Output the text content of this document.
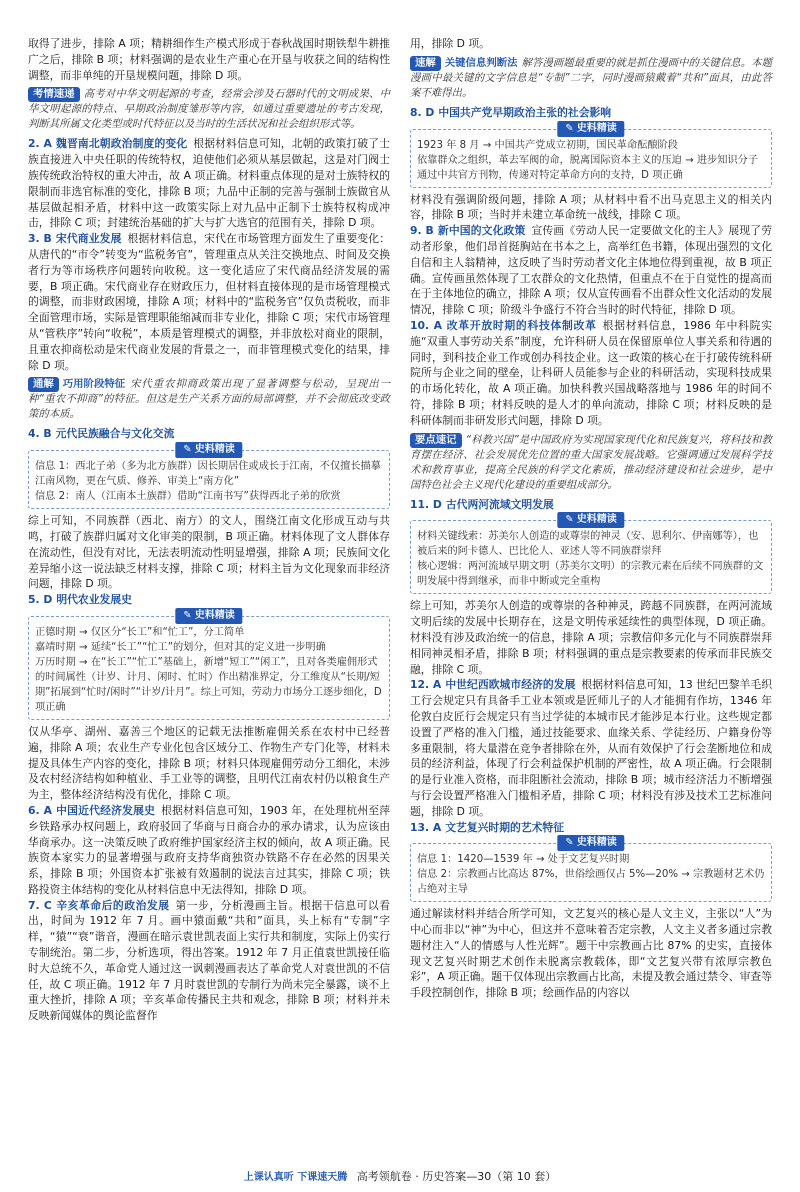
取得了进步，排除 A 项；精耕细作生产模式形成于春秋战国时期铁犁牛耕推广之后，排除 B 项；材料强调的是农业生产重心在开垦与收获之间的结构性调整，而非单纯的开垦规模问题，排除 D 项。

考情速递 高考对中华文明起源的考查，经常会涉及石器时代的文明成果、中华文明起源的特点、早期政治制度雏形等内容，如通过重要遗址的考古发现，判断其所属文化类型或时代特征以及当时的生活状况和社会组织形式等。

2. A 魏晋南北朝政治制度的变化 根据材料信息可知，北朝的政策打破了士族直接进入中央任职的传统特权，迫使他们必须从基层做起，这是对门阀士族传统政治特权的重大冲击，故 A 项正确。材料重点体现的是对士族特权的限制而非选官标准的变化，排除 B 项；九品中正制的完善与强制士族做官从基层做起相矛盾，材料中这一政策实际上对九品中正制下士族特权构成冲击，排除 C 项；封建统治基础的扩大与扩大选官的范围有关，排除 D 项。

3. B 宋代商业发展 根据材料信息，宋代在市场管理方面发生了重要变化：从唐代的“市令”转变为“监税务官”，管理重点从关注交换地点、时间及交换者行为等市场秩序问题转向收税。这一变化适应了宋代商品经济发展的需要，B 项正确。宋代商业存在财政压力，但材料直接体现的是市场管理模式的调整，而非财政困境，排除 A 项；材料中的“监税务官”仅负责税收，而非全面管理市场，实际是管理职能缩减而非专业化，排除 C 项；宋代市场管理从“管秩序”转向“收税”，本质是管理模式的调整，并非放松对商业的限制，且重农抑商松动是宋代商业发展的背景之一，而非管理模式变化的结果，排除 D 项。

通解 巧用阶段特征 宋代重农抑商政策出现了显著调整与松动，呈现出一种“重农不抑商”的特征。但这是生产关系方面的局部调整，并不会彻底改变政策的本质。

4. B 元代民族融合与文化交流

✎ 史料精读
信息 1：西北子弟（多为北方族群）因长期居住或成长于江南，不仅擅长描摹江南风物，更在气质、修养、审美上“南方化”
信息 2：南人（江南本土族群）借助“江南书写”获得西北子弟的欣赏

综上可知，不同族群（西北、南方）的文人，围绕江南文化形成互动与共鸣，打破了族群归属对文化审美的限制，B 项正确。材料体现了文人群体存在流动性，但没有对比，无法表明流动性明显增强，排除 A 项；民族间文化差异缩小这一说法缺乏材料支撑，排除 C 项；材料主旨为文化现象而非经济问题，排除 D 项。

5. D 明代农业发展史

✎ 史料精读
正德时期 → 仅区分“长工”和“忙工”，分工简单
嘉靖时期 → 延续“长工”“忙工”的划分，但对其的定义进一步明确
万历时期 → 在“长工”“忙工”基础上，新增“短工”“闲工”，且对各类雇佣形式的时间属性（计岁、计月、闲时、忙时）作出精准界定，分工维度从“长期/短期”拓展到“忙时/闲时”“计岁/计月”。综上可知，劳动力市场分工逐步细化，D 项正确

仅从华亭、湖州、嘉善三个地区的记载无法推断雇佣关系在农村中已经普遍，排除 A 项；农业生产专业化包含区域分工、作物生产专门化等，材料未提及具体生产内容的变化，排除 B 项；材料只体现雇佣劳动分工细化，未涉及农村经济结构如种植业、手工业等的调整，且明代江南农村仍以粮食生产为主，整体经济结构没有优化，排除 C 项。

6. A 中国近代经济发展史 根据材料信息可知，1903 年，在处理杭州至萍乡铁路承办权问题上，政府驳回了华商与日商合办的承办请求，认为应该由华商承办。这一决策反映了政府维护国家经济主权的倾向，故 A 项正确。民族资本家实力的显著增强与政府支持华商独资办铁路不存在必然的因果关系，排除 B 项；外国资本扩张被有效遏制的说法言过其实，排除 C 项；铁路投资主体结构的变化从材料信息中无法得知，排除 D 项。

7. C 辛亥革命后的政治发展 第一步，分析漫画主旨。根据干信息可以看出，时间为 1912 年 7 月。画中猿面戴“共和”面具，头上标有“专制”字样，“猿”“衰”谐音，漫画在暗示袁世凯表面上实行共和制度，实际上仍实行专制统治。第二步，分析选项，得出答案。1912 年 7 月正值袁世凯接任临时大总统不久，革命党人通过这一讽刺漫画表达了革命党人对袁世凯的不信任，故 C 项正确。1912 年 7 月时袁世凯的专制行为尚未完全暴露，谈不上重大挫折，排除 A 项；辛亥革命传播民主共和观念，排除 B 项；材料并未反映新闻媒体的舆论监督作

用，排除 D 项。

速解 关键信息判断法 解答漫画题最重要的就是抓住漫画中的关键信息。本题漫画中最关键的文字信息是“专制”二字，同时漫画猿戴着“共和”面具，由此答案不难得出。

8. D 中国共产党早期政治主张的社会影响

✎ 史料精读
1923 年 8 月 → 中国共产党成立初期，国民革命酝酿阶段
依靠群众之组织，革去军阀的命，脱离国际资本主义的压迫 → 进步知识分子通过中共官方刊物，传递对特定革命方向的支持，D 项正确

材料没有强调阶级问题，排除 A 项；从材料中看不出马克思主义的相关内容，排除 B 项；当时并未建立革命统一战线，排除 C 项。

9. B 新中国的文化政策 宣传画《劳动人民一定要做文化的主人》展现了劳动者形象，他们昂首挺胸站在书本之上，高举红色书籍，体现出强烈的文化自信和主人翁精神，这反映了当时劳动者文化主体地位得到重视，故 B 项正确。宣传画虽然体现了工农群众的文化热情，但重点不在于自觉性的提高而在于主体地位的确立，排除 A 项；仅从宣传画看不出群众性文化活动的发展情况，排除 C 项；阶级斗争盛行不符合当时的时代特征，排除 D 项。

10. A 改革开放时期的科技体制改革 根据材料信息，1986 年中科院实施“双重人事劳动关系”制度，允许科研人员在保留原单位人事关系和待遇的同时，到科技企业工作或创办科技企业。这一政策的核心在于打破传统科研院所与企业之间的壁垒，让科研人员能参与企业的科研活动，实现科技成果的市场化转化，故 A 项正确。加快科教兴国战略落地与 1986 年的时间不符，排除 B 项；材料反映的是人才的单向流动，排除 C 项；材料反映的是科研体制而非研发形式问题，排除 D 项。

要点速记 “科教兴国”是中国政府为实现国家现代化和民族复兴，将科技和教育摆在经济、社会发展优先位置的重大国家发展战略。它强调通过发展科学技术和教育事业，提高全民族的科学文化素质，推动经济建设和社会进步，是中国特色社会主义现代化建设的重要组成部分。

11. D 古代两河流域文明发展

✎ 史料精读
材料关键线索：苏美尔人创造的或尊崇的神灵（安、恩利尔、伊南娜等），也被后来的阿卡德人、巴比伦人、亚述人等不同族群崇拜
核心逻辑：两河流域早期文明（苏美尔文明）的宗教元素在后续不同族群的文明发展中得到继承，而非中断或完全重构

综上可知，苏美尔人创造的或尊崇的各种神灵，跨越不同族群，在两河流域文明后续的发展中长期存在，这是文明传承延续性的典型体现，D 项正确。材料没有涉及政治统一的信息，排除 A 项；宗教信仰多元化与不同族群崇拜相同神灵相矛盾，排除 B 项；材料强调的重点是宗教要素的传承而非民族交融，排除 C 项。

12. A 中世纪西欧城市经济的发展 根据材料信息可知，13 世纪巴黎羊毛织工行会规定只有具备手工业本领或是匠师儿子的人才能拥有作坊，1346 年伦敦白皮匠行会规定只有当过学徒的本城市民才能涉足本行业。这些规定都设置了严格的准入门槛，通过技能要求、血缘关系、学徒经历、户籍身份等多重限制，将大量潜在竞争者排除在外，从而有效保护了行会垄断地位和成员的经济利益，体现了行会利益保护机制的严密性，故 A 项正确。行会限制的是行业准入资格，而非阻断社会流动，排除 B 项；城市经济活力不断增强与行会设置严格准入门槛相矛盾，排除 C 项；材料没有涉及技术工艺标准问题，排除 D 项。

13. A 文艺复兴时期的艺术特征

✎ 史料精读
信息 1：1420—1539 年 → 处于文艺复兴时期
信息 2：宗教画占比高达 87%，世俗绘画仅占 5%—20% → 宗教题材艺术仍占绝对主导

通过解读材料并结合所学可知，文艺复兴的核心是人文主义，主张以“人”为中心而非以“神”为中心，但这并不意味着否定宗教，人文主义者多通过宗教题材注入“人的情感与人性光辉”。题干中宗教画占比 87% 的史实，直接体现文艺复兴时期艺术创作未脱离宗教载体，即“文艺复兴带有浓厚宗教色彩”，A 项正确。题干仅体现出宗教画占比高，未提及教会通过禁令、审查等手段控制创作，排除 B 项；绘画作品的内容以

上课认真听 下课速天腾 高考领航卷 · 历史答案—30（第 10 套）
